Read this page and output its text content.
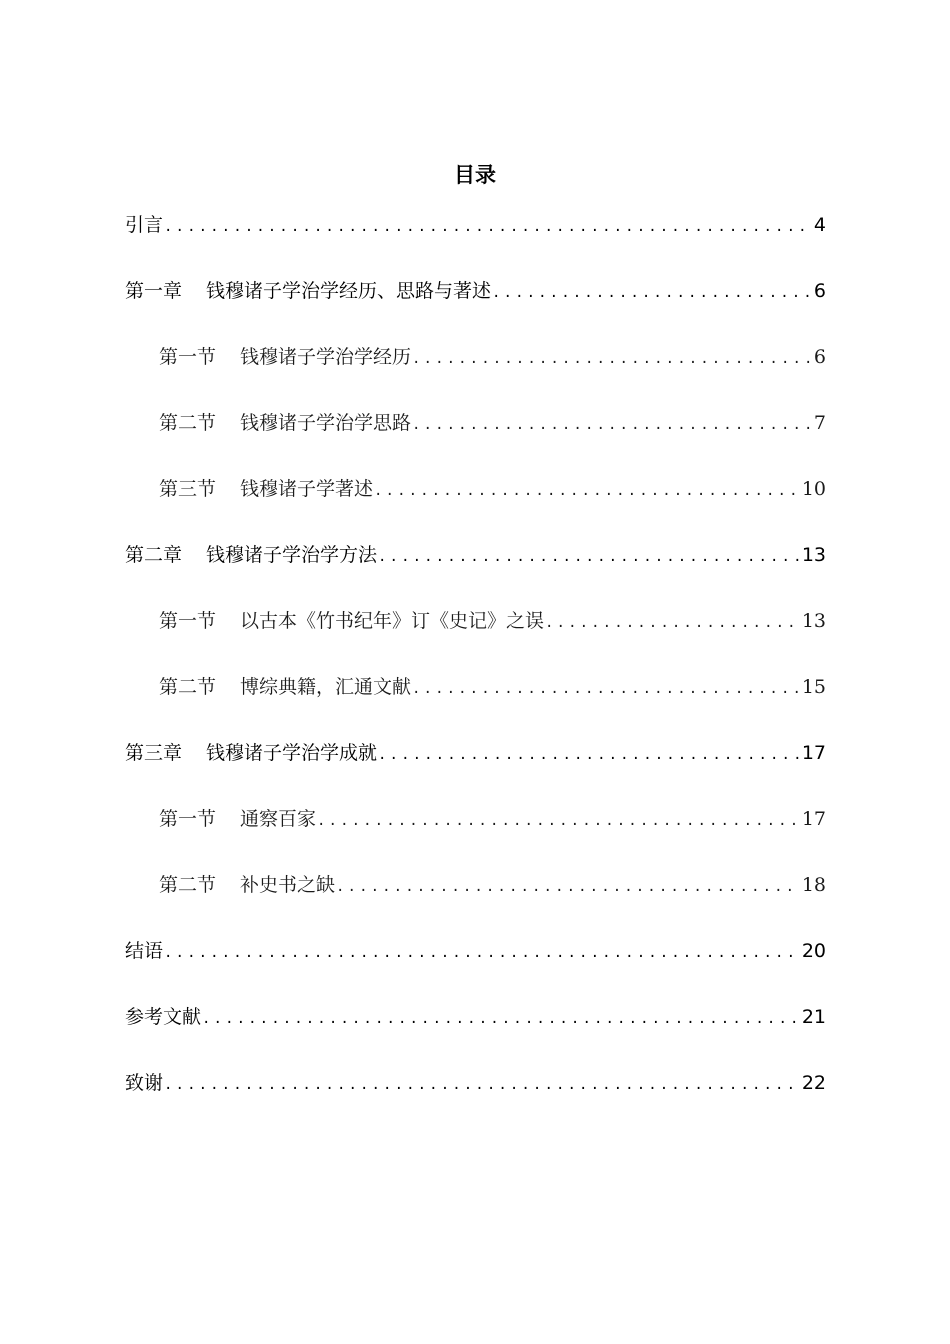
目录
引言 .....	4
第一章 钱穆诸子学治学经历、思路与著述 .....	6
第一节 钱穆诸子学治学经历 .....	6
第二节 钱穆诸子学治学思路 .....	7
第三节 钱穆诸子学著述 .....	10
第二章 钱穆诸子学治学方法 .....	13
第一节 以古本《竹书纪年》订《史记》之误 .....	13
第二节 博综典籍，汇通文献 .....	15
第三章 钱穆诸子学治学成就 .....	17
第一节 通察百家 .....	17
第二节 补史书之缺 .....	18
结语 .....	20
参考文献 .....	21
致谢 .....	22
